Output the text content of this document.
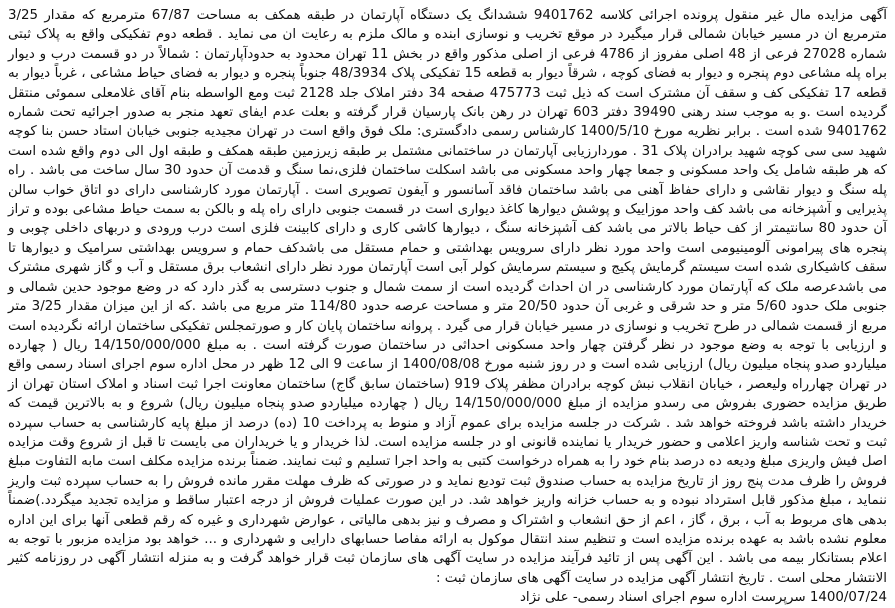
آگهی مزایده مال غیر منقول پرونده اجرائی کلاسه 9401762 ششدانگ یک دستگاه آپارتمان در طبقه همکف به مساحت 67/87 مترمربع که مقدار 3/25 مترمربع ان در مسیر خیابان شمالی قرار میگیرد در موقع تخریب و نوسازی ابنده و مالک ملزم به رعایت ان می نماید . قطعه دوم تفکیکی واقع به پلاک ثبتی شماره 27028 فرعی از 48 اصلی مفروز از 4786 فرعی از اصلی مذکور واقع در بخش 11 تهران محدود به حدودآپارتمان : شمالاً در دو قسمت درب و دیوار براه پله مشاعی دوم پنجره و دیوار به فضای کوچه ، شرقاً دیوار به قطعه 15 تفکیکی پلاک 48/3934 جنوباً پنجره و دیوار به فضای حیاط مشاعی ، غرباً دیوار به قطعه 17 تفکیکی کف و سقف آن مشترک است که ذیل ثبت 475773 صفحه 34 دفتر املاک جلد 2128 ثبت ومع الواسطه بنام آقای غلامعلی سموئی منتقل گردیده است .و به موجب سند رهنی 39490 دفتر 603 تهران در رهن بانک پارسیان قرار گرفته و بعلت عدم ایفای تعهد منجر به صدور اجرائیه تحت شماره 9401762 شده است . برابر نظریه مورخ 1400/5/10 کارشناس رسمی دادگستری: ملک فوق واقع است در تهران مجیدیه جنوبی خیابان استاد حسن بنا کوچه شهید سی سی کوچه شهید برادران پلاک 31 . موردارزیابی آپارتمان در ساختمانی مشتمل بر طبقه زیرزمین طبقه همکف و طبقه اول الی دوم واقع شده است که هر طبقه شامل یک واحد مسکونی و جمعا چهار واحد مسکونی می باشد اسکلت ساختمان فلزی،نما سنگ و قدمت آن حدود 30 سال ساخت می باشد . راه پله سنگ و دیوار نقاشی و دارای حفاظ آهنی می باشد ساختمان فاقد آسانسور و آیفون تصویری است . آپارتمان مورد کارشناسی دارای دو اتاق خواب سالن پذیرایی و آشپزخانه می باشد کف واحد موزاییک و پوشش دیوارها کاغذ دیواری است در قسمت جنوبی دارای راه پله و بالکن به سمت حیاط مشاعی بوده و تراز آن حدود 80 سانتیمتر از کف حیاط بالاتر می باشد کف آشپزخانه سنگ ، دیوارها کاشی کاری و دارای کابینت فلزی است درب ورودی و دربهای داخلی چوبی و پنجره های پیرامونی آلومینیومی است واحد مورد نظر دارای سرویس بهداشتی و حمام مستقل می باشدکف حمام و سرویس بهداشتی سرامیک و دیوارها تا سقف کاشیکاری شده است سیستم گرمایش پکیج و سیستم سرمایش کولر آبی است آپارتمان مورد نظر دارای انشعاب برق مستقل و آب و گاز شهری مشترک می باشدعرصه ملک که آپارتمان مورد کارشناسی در ان احداث گردیده است از سمت شمال و جنوب دسترسی به گذر دارد که در وضع موجود حدین شمالی و جنوبی ملک حدود 5/60 متر و حد شرقی و غربی آن حدود 20/50 متر و مساحت عرصه حدود 114/80 متر مربع می باشد .که از این میزان مقدار 3/25 متر مربع از قسمت شمالی در طرح تخریب و نوسازی در مسیر خیابان قرار می گیرد . پروانه ساختمان پایان کار و صورتمجلس تفکیکی ساختمان ارائه نگردیده است و ارزیابی با توجه به وضع موجود در نظر گرفتن چهار واحد مسکونی احداثی در ساختمان صورت گرفته است . به مبلغ 14/150/000/000 ریال ( چهارده میلیاردو صدو پنجاه میلیون ریال) ارزیابی شده است و در روز شنبه مورخ 1400/08/08 از ساعت 9 الی 12 ظهر در محل اداره سوم اجرای اسناد رسمی واقع در تهران چهارراه ولیعصر ، خیابان انقلاب نبش کوچه برادران مظفر پلاک 919 (ساختمان سابق گاج) ساختمان معاونت اجرا ثبت اسناد و املاک استان تهران از طریق مزایده حضوری بفروش می رسدو مزایده از مبلغ 14/150/000/000 ریال ( چهارده میلیاردو صدو پنجاه میلیون ریال) شروع و به بالاترین قیمت که خریدار داشته باشد فروخته خواهد شد . شرکت در جلسه مزایده برای عموم آزاد و منوط به پرداخت 10 (ده) درصد از مبلغ پایه کارشناسی به حساب سپرده ثبت و تحت شناسه واریز اعلامی و حضور خریدار یا نماینده قانونی او در جلسه مزایده است. لذا خریدار و یا خریداران می بایست تا قبل از شروع وقت مزایده اصل فیش واریزی مبلغ ودیعه ده درصد بنام خود را به همراه درخواست کتبی به واحد اجرا تسلیم و ثبت نمایند. ضمناً برنده مزایده مکلف است مابه التفاوت مبلغ فروش را ظرف مدت پنج روز از تاریخ مزایده به حساب صندوق ثبت تودیع نماید و در صورتی که ظرف مهلت مقرر مانده فروش را به حساب سپرده ثبت واریز ننماید ، مبلغ مذکور قابل استرداد نبوده و به حساب خزانه واریز خواهد شد. در این صورت عملیات فروش از درجه اعتبار ساقط و مزایده تجدید میگردد.)ضمناً بدهی های مربوط به آب ، برق ، گاز ، اعم از حق انشعاب و اشتراک و مصرف و نیز بدهی مالیاتی ، عوارض شهرداری و غیره که رقم قطعی آنها برای این اداره معلوم نشده باشد به عهده برنده مزایده است و تنظیم سند انتقال موکول به ارائه مفاصا حسابهای دارایی و شهرداری و ... خواهد بود مزایده مزبور با توجه به اعلام بستانکار بیمه می باشد . این آگهی پس از تائید فرآیند مزایده در سایت آگهی های سازمان ثبت قرار خواهد گرفت و به منزله انتشار آگهی در روزنامه کثیر الانتشار محلی است . تاریخ انتشار آگهی مزایده در سایت آگهی های سازمان ثبت :

1400/07/24 سرپرست اداره سوم اجرای اسناد رسمی- علی نژاد
